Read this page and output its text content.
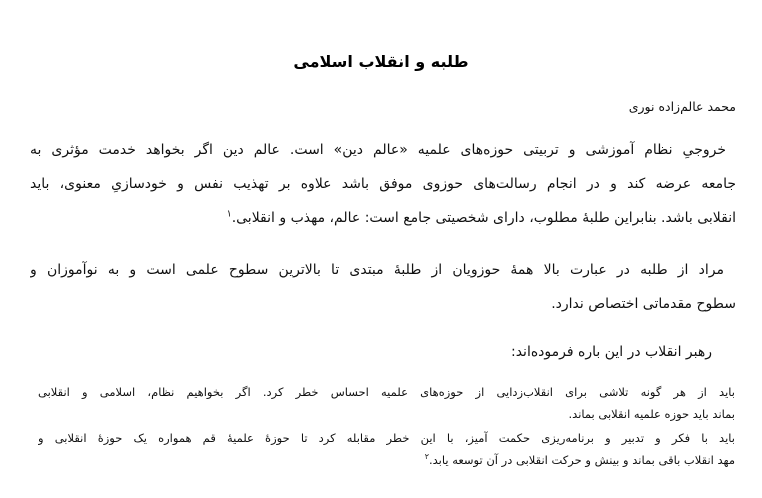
طلبه و انقلاب اسلامی
محمد عالم‌زاده نوری
خروجیِ نظام آموزشی و تربیتی حوزه‌های علمیه «عالم دین» است. عالم دین اگر بخواهد خدمت مؤثری به
جامعه عرضه کند و در انجام رسالت‌های حوزوی موفق باشد علاوه بر تهذیب نفس و خودسازیِ معنوی، باید
انقلابی باشد. بنابراین طلبهٔ مطلوب، دارای شخصیتی جامع است: عالم، مهذب و انقلابی.$^۱$
مراد از طلبه در عبارت بالا همهٔ حوزویان از طلبهٔ مبتدی تا بالاترین سطوح علمی است و به نوآموزان و
سطوح مقدماتی اختصاص ندارد.
رهبر انقلاب در این باره فرموده‌اند:
باید از هر گونه تلاشی برای انقلاب‌زدایی از حوزه‌های علمیه احساس خطر کرد. اگر بخواهیم نظام، اسلامی و انقلابی
بماند باید حوزه علمیه انقلابی بماند.
باید با فکر و تدبیر و برنامه‌ریزی حکمت آمیز، با این خطر مقابله کرد تا حوزهٔ علمیهٔ قم همواره یک حوزهٔ انقلابی و
مهد انقلاب باقی بماند و بینش و حرکت انقلابی در آن توسعه یابد.$^۲$
